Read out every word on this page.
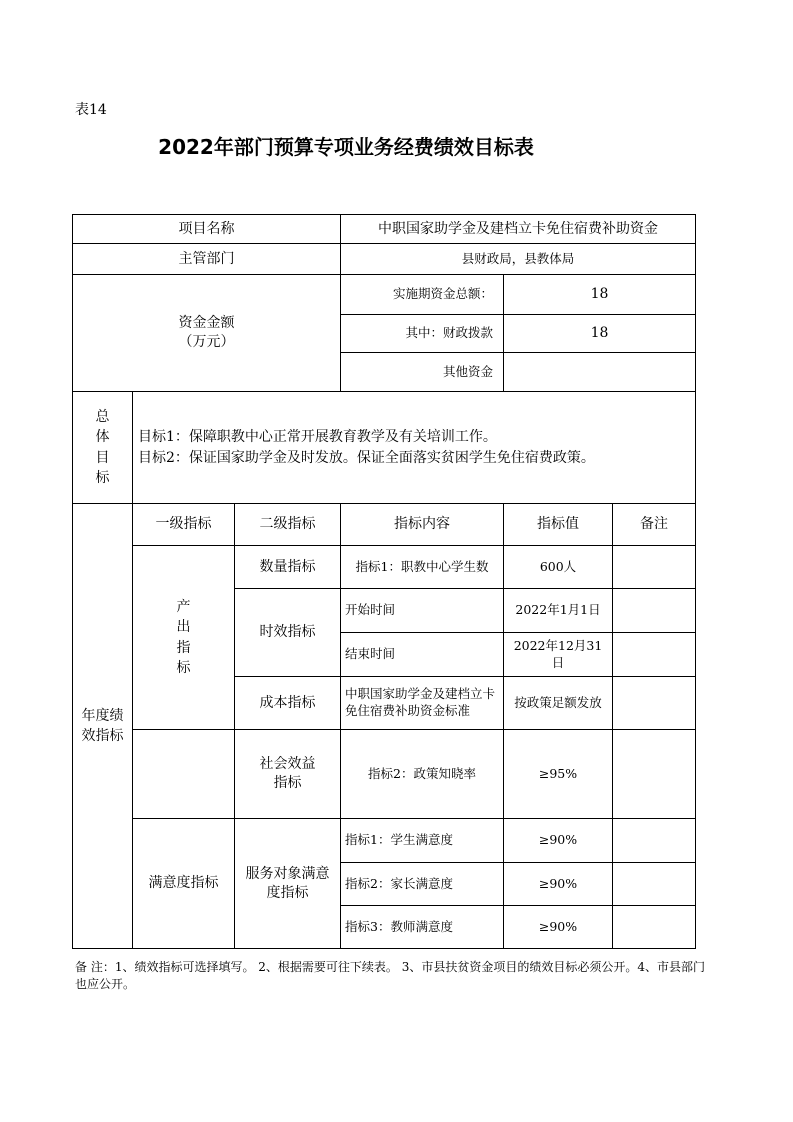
表14
2022年部门预算专项业务经费绩效目标表
项目名称			中职国家助学金及建档立卡免住宿费补助资金		
主管部门			县财政局，县教体局		

资金金额
（万元）			实施期资金总额：	18	
			其中：财政拨款	18	
			其他资金		
总体目标	目标1：保障职教中心正常开展教育教学及有关培训工作。
目标2：保证国家助学金及时发放。保证全面落实贫困学生免住宿费政策。				

年度绩效指标	一级指标	二级指标	指标内容	指标值	备注
	产出指标	数量指标	指标1：职教中心学生数	600人	
		时效指标	开始时间	2022年1月1日	
			结束时间	2022年12月31日	
		成本指标	中职国家助学金及建档立卡免住宿费补助资金标准	按政策足额发放	
		社会效益指标	指标2：政策知晓率	≥95%	
	满意度指标	服务对象满意度指标	指标1：学生满意度	≥90%	
			指标2：家长满意度	≥90%	
			指标3：教师满意度	≥90%	
备 注：1、绩效指标可选择填写。 2、根据需要可往下续表。 3、市县扶贫资金项目的绩效目标必须公开。4、市县部门也应公开。
